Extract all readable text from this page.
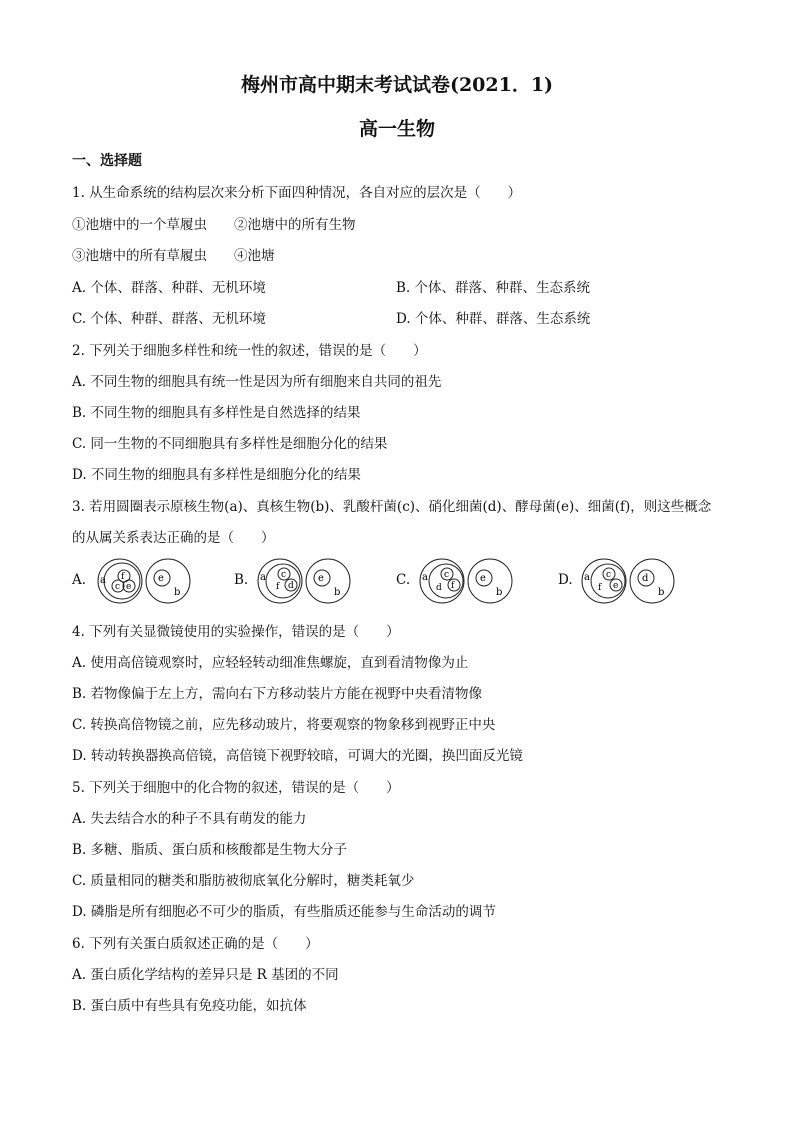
梅州市高中期末考试试卷(2021．1)
高一生物
一、选择题
1. 从生命系统的结构层次来分析下面四种情况，各自对应的层次是（　　）
①池塘中的一个草履虫　　②池塘中的所有生物
③池塘中的所有草履虫　　④池塘
A. 个体、群落、种群、无机环境	B. 个体、群落、种群、生态系统
C. 个体、种群、群落、无机环境	D. 个体、种群、群落、生态系统
2. 下列关于细胞多样性和统一性的叙述，错误的是（　　）
A. 不同生物的细胞具有统一性是因为所有细胞来自共同的祖先
B. 不同生物的细胞具有多样性是自然选择的结果
C. 同一生物的不同细胞具有多样性是细胞分化的结果
D. 不同生物的细胞具有多样性是细胞分化的结果
3. 若用圆圈表示原核生物(a)、真核生物(b)、乳酸杆菌(c)、硝化细菌(d)、酵母菌(e)、细菌(f)，则这些概念
的从属关系表达正确的是（　　）
A. a f
c e
e
b
B. a c
f d
e
b
C. a c
d f
e
b
D. a c
f e
d
b
4. 下列有关显微镜使用的实验操作，错误的是（　　）
A. 使用高倍镜观察时，应轻轻转动细准焦螺旋，直到看清物像为止
B. 若物像偏于左上方，需向右下方移动装片方能在视野中央看清物像
C. 转换高倍物镜之前，应先移动玻片，将要观察的物象移到视野正中央
D. 转动转换器换高倍镜，高倍镜下视野较暗，可调大的光圈，换凹面反光镜
5. 下列关于细胞中的化合物的叙述，错误的是（　　）
A. 失去结合水的种子不具有萌发的能力
B. 多糖、脂质、蛋白质和核酸都是生物大分子
C. 质量相同的糖类和脂肪被彻底氧化分解时，糖类耗氧少
D. 磷脂是所有细胞必不可少的脂质，有些脂质还能参与生命活动的调节
6. 下列有关蛋白质叙述正确的是（　　）
A. 蛋白质化学结构的差异只是 R 基团的不同
B. 蛋白质中有些具有免疫功能，如抗体
